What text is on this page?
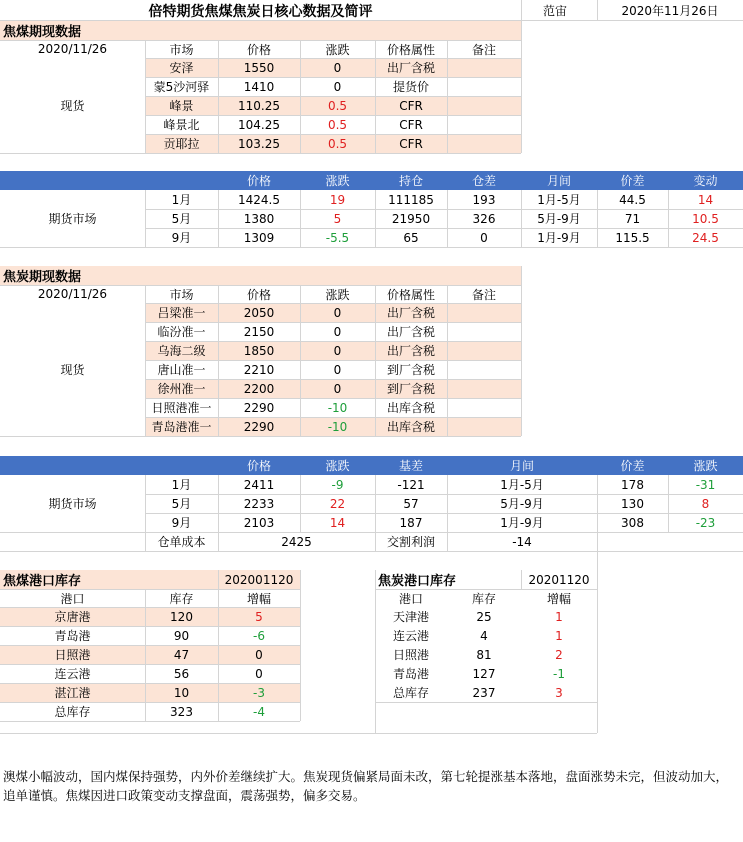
倍特期货焦煤焦炭日核心数据及简评	范宙	2020年11月26日
焦煤期现数据
2020/11/26	市场	价格	涨跌	价格属性	备注
现货
安泽	1550	0	出厂含税
蒙5沙河驿	1410	0	提货价
峰景	110.25	0.5	CFR
峰景北	104.25	0.5	CFR
贡耶拉	103.25	0.5	CFR
价格	涨跌	持仓	仓差	月间	价差	变动
期货市场
1月	1424.5	19	111185	193	1月-5月	44.5	14
5月	1380	5	21950	326	5月-9月	71	10.5
9月	1309	-5.5	65	0	1月-9月	115.5	24.5
焦炭期现数据
2020/11/26	市场	价格	涨跌	价格属性	备注
现货
吕梁准一	2050	0	出厂含税
临汾准一	2150	0	出厂含税
乌海二级	1850	0	出厂含税
唐山准一	2210	0	到厂含税
徐州准一	2200	0	到厂含税
日照港准一	2290	-10	出库含税
青岛港准一	2290	-10	出库含税
价格	涨跌	基差	月间	价差	涨跌
期货市场
1月	2411	-9	-121	1月-5月	178	-31
5月	2233	22	57	5月-9月	130	8
9月	2103	14	187	1月-9月	308	-23
仓单成本	2425	交割利润	-14
焦煤港口库存	202001120
港口	库存	增幅
京唐港	120	5
青岛港	90	-6
日照港	47	0
连云港	56	0
湛江港	10	-3
总库存	323	-4
焦炭港口库存	20201120
港口	库存	增幅
天津港	25	1
连云港	4	1
日照港	81	2
青岛港	127	-1
总库存	237	3
澳煤小幅波动，国内煤保持强势，内外价差继续扩大。焦炭现货偏紧局面未改，第七轮提涨基本落地，盘面涨势未完，但波动加大，追单谨慎。焦煤因进口政策变动支撑盘面，震荡强势，偏多交易。
